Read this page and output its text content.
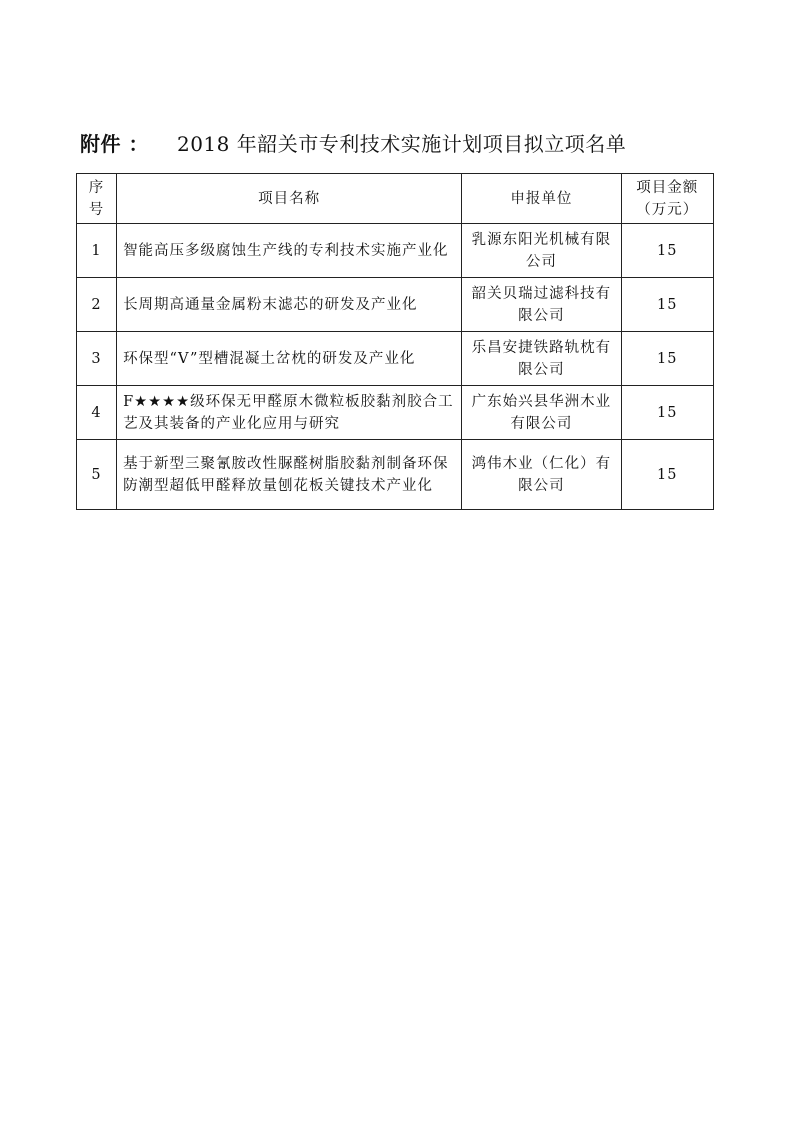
附件 ： 2018 年韶关市专利技术实施计划项目拟立项名单
序号	项目名称	申报单位	项目金额（万元）
1	智能高压多级腐蚀生产线的专利技术实施产业化	乳源东阳光机械有限公司	15
2	长周期高通量金属粉末滤芯的研发及产业化	韶关贝瑞过滤科技有限公司	15
3	环保型“V”型槽混凝土岔枕的研发及产业化	乐昌安捷铁路轨枕有限公司	15
4	F★★★★级环保无甲醛原木微粒板胶黏剂胶合工艺及其装备的产业化应用与研究	广东始兴县华洲木业有限公司	15
5	基于新型三聚氰胺改性脲醛树脂胶黏剂制备环保防潮型超低甲醛释放量刨花板关键技术产业化	鸿伟木业（仁化）有限公司	15
